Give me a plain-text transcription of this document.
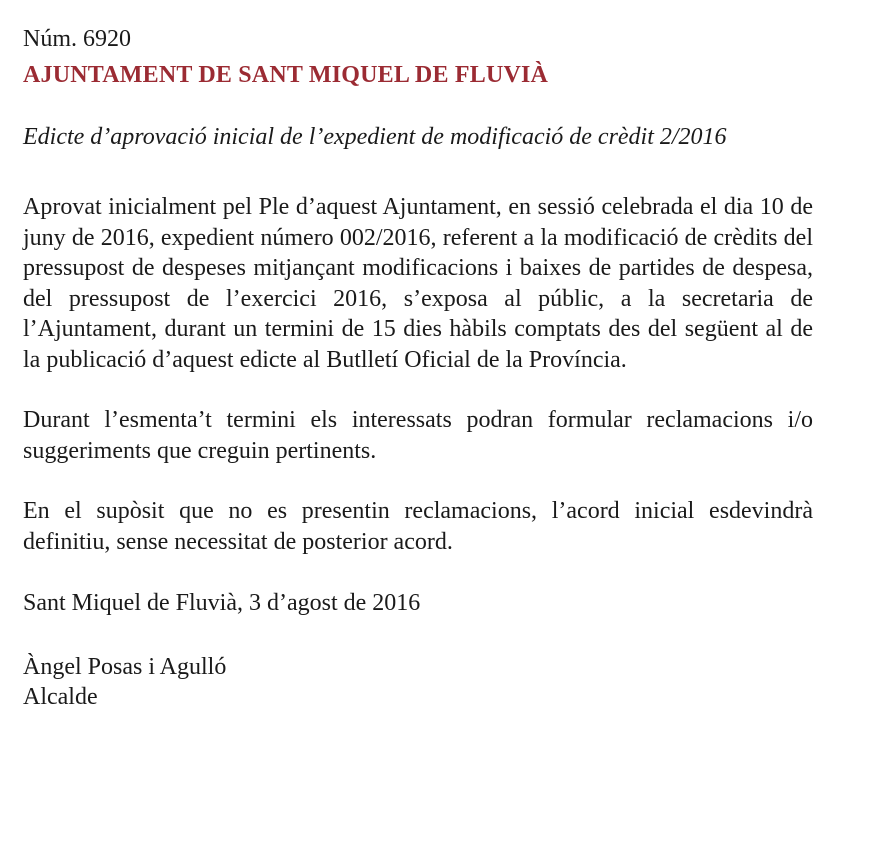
Núm. 6920

AJUNTAMENT DE SANT MIQUEL DE FLUVIÀ

Edicte d’aprovació inicial de l’expedient de modificació de crèdit 2/2016

Aprovat inicialment pel Ple d’aquest Ajuntament, en sessió celebrada el dia 10 de juny de 2016, expedient número 002/2016, referent a la modificació de crèdits del pressupost de despeses mitjançant modificacions i baixes de partides de despesa, del pressupost de l’exercici 2016, s’exposa al públic, a la secretaria de l’Ajuntament, durant un termini de 15 dies hàbils comptats des del següent al de la publicació d’aquest edicte al Butlletí Oficial de la Província.

Durant l’esmenta’t termini els interessats podran formular reclamacions i/o suggeriments que creguin pertinents.

En el supòsit que no es presentin reclamacions, l’acord inicial esdevindrà definitiu, sense necessitat de posterior acord.

Sant Miquel de Fluvià, 3 d’agost de 2016

Àngel Posas i Agulló

Alcalde
